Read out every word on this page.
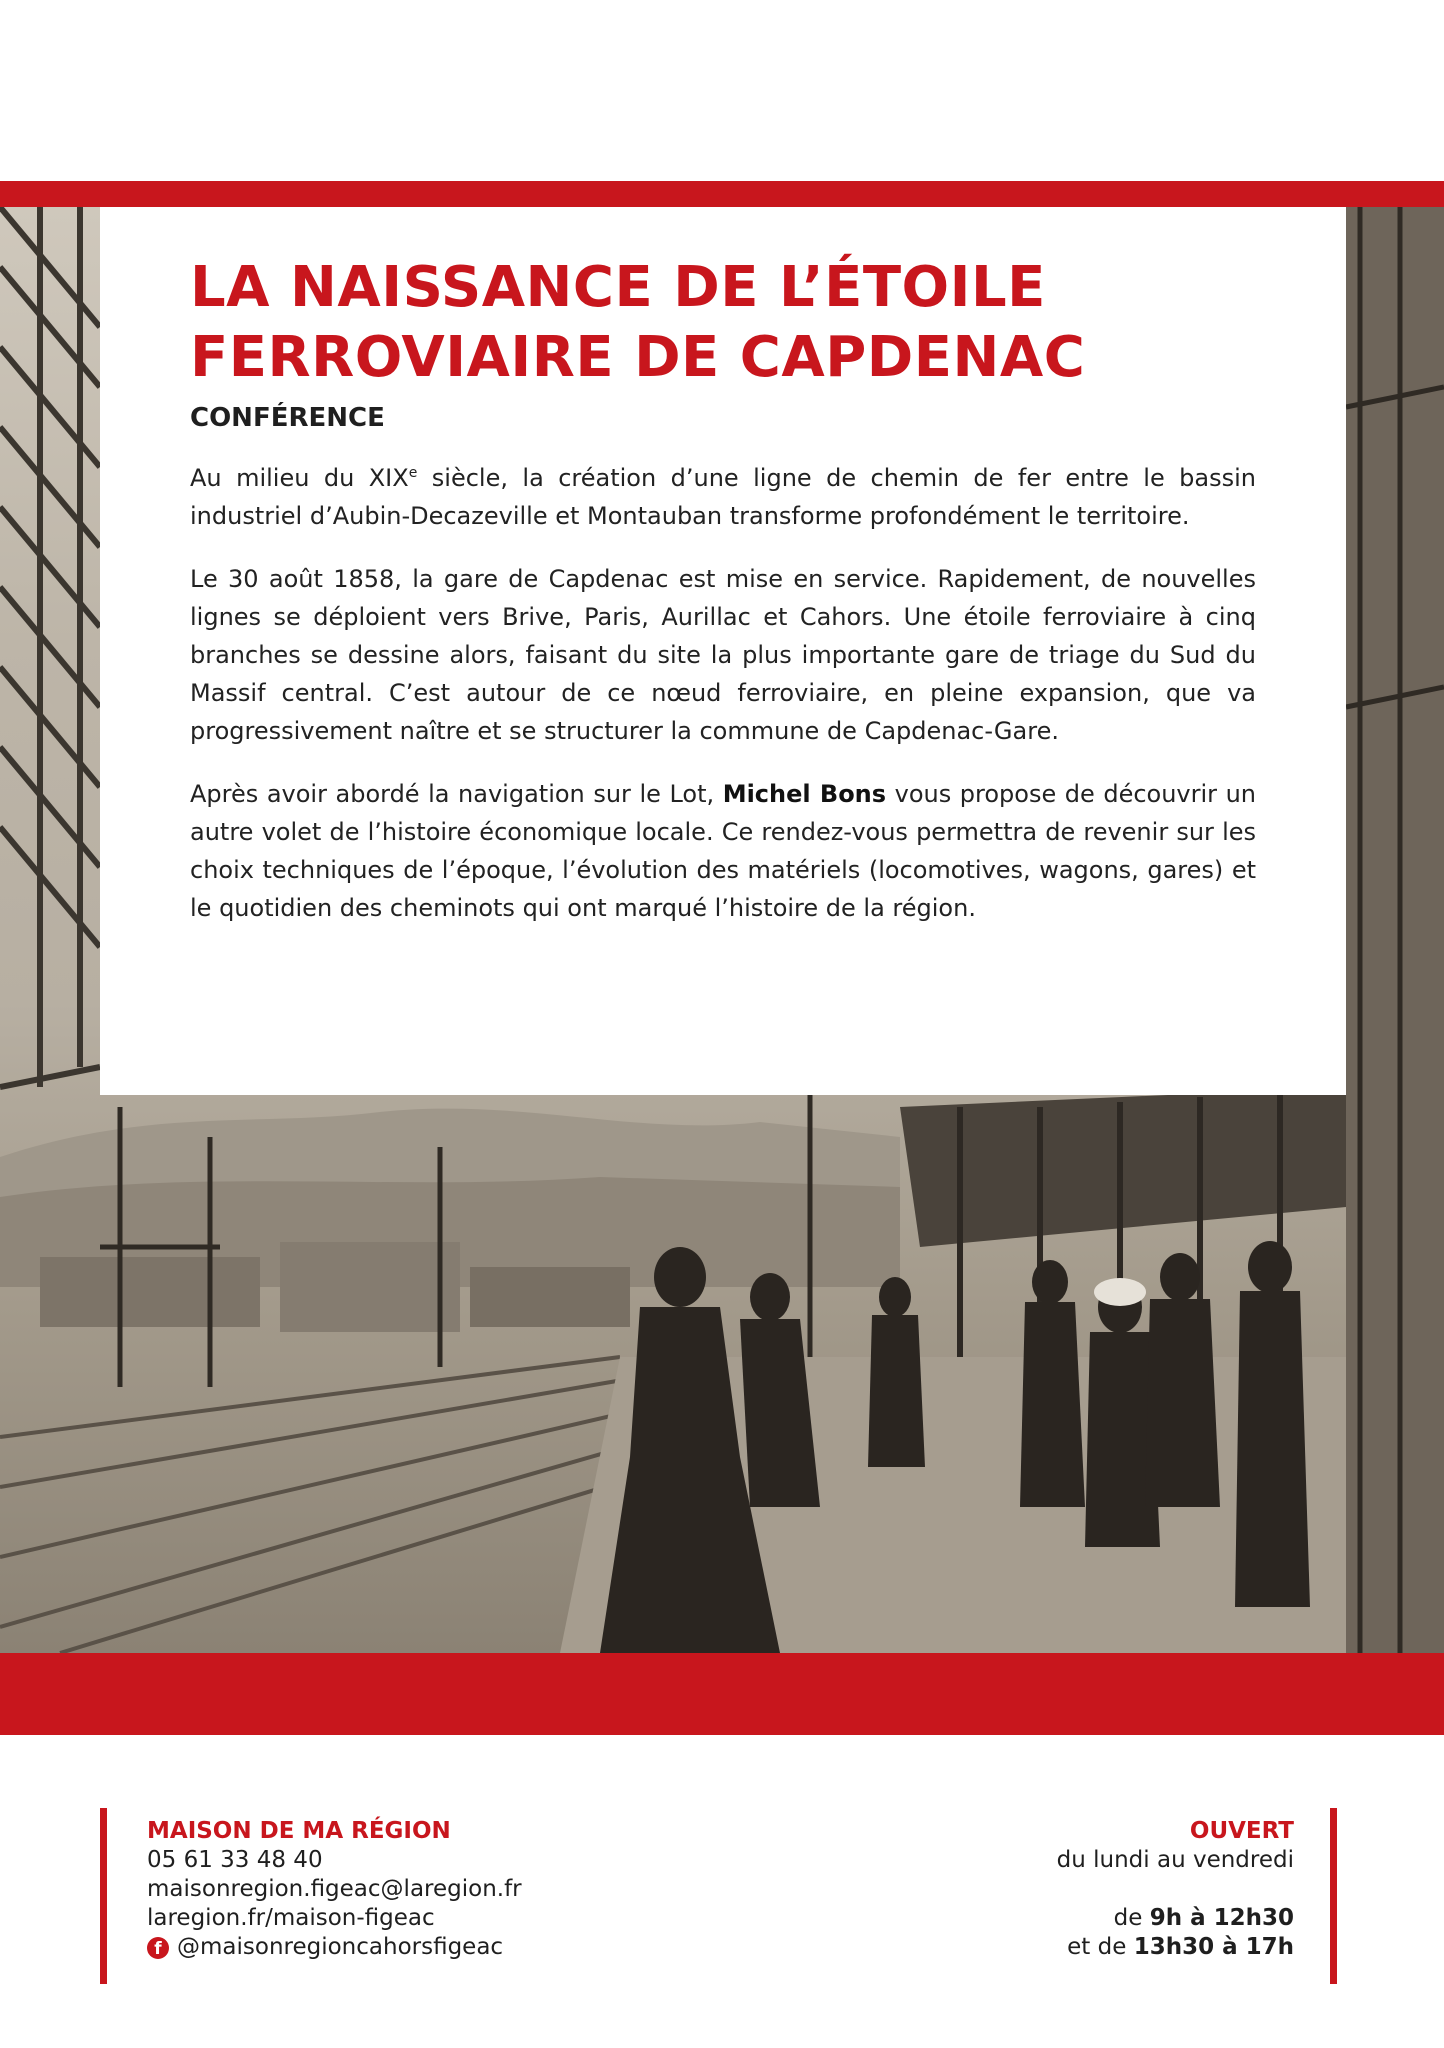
LA NAISSANCE DE L’ÉTOILE
FERROVIAIRE DE CAPDENAC
CONFÉRENCE

Au milieu du XIXe siècle, la création d’une ligne de chemin de fer entre le bassin industriel d’Aubin-Decazeville et Montauban transforme profondément le territoire.

Le 30 août 1858, la gare de Capdenac est mise en service. Rapidement, de nouvelles lignes se déploient vers Brive, Paris, Aurillac et Cahors. Une étoile ferroviaire à cinq branches se dessine alors, faisant du site la plus importante gare de triage du Sud du Massif central. C’est autour de ce nœud ferroviaire, en pleine expansion, que va progressivement naître et se structurer la commune de Capdenac-Gare.

Après avoir abordé la navigation sur le Lot, Michel Bons vous propose de découvrir un autre volet de l’histoire économique locale. Ce rendez-vous permettra de revenir sur les choix techniques de l’époque, l’évolution des matériels (locomotives, wagons, gares) et le quotidien des cheminots qui ont marqué l’histoire de la région.

MAISON DE MA RÉGION
05 61 33 48 40
maisonregion.figeac@laregion.fr
laregion.fr/maison-figeac
f @maisonregioncahorsfigeac
OUVERT
du lundi au vendredi
de 9h à 12h30
et de 13h30 à 17h
